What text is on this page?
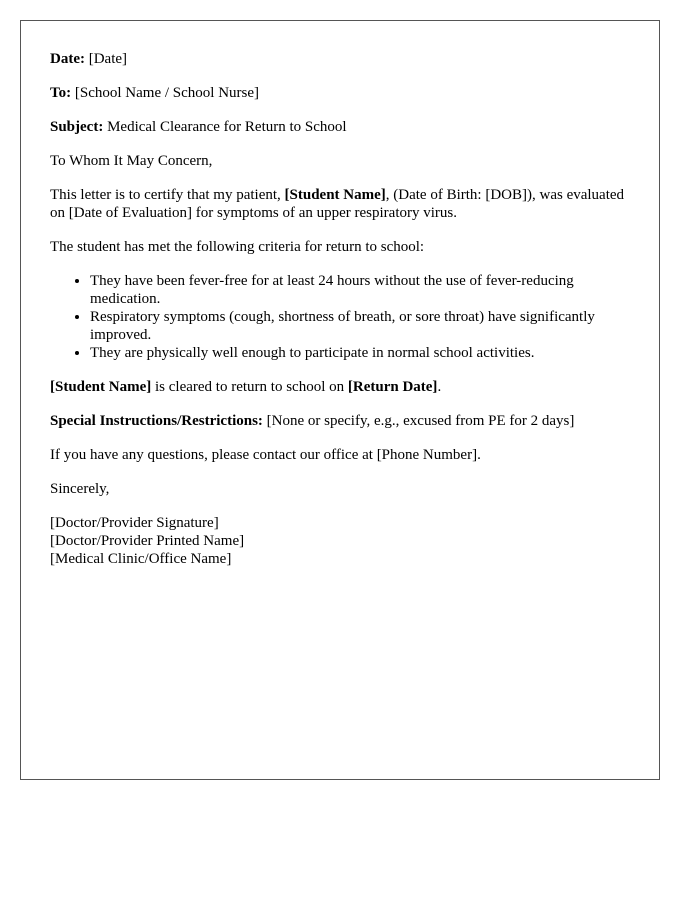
Date: [Date]

To: [School Name / School Nurse]

Subject: Medical Clearance for Return to School

To Whom It May Concern,

This letter is to certify that my patient, [Student Name], (Date of Birth: [DOB]), was evaluated on [Date of Evaluation] for symptoms of an upper respiratory virus.

The student has met the following criteria for return to school:

• They have been fever-free for at least 24 hours without the use of fever-reducing medication.
• Respiratory symptoms (cough, shortness of breath, or sore throat) have significantly improved.
• They are physically well enough to participate in normal school activities.

[Student Name] is cleared to return to school on [Return Date].

Special Instructions/Restrictions: [None or specify, e.g., excused from PE for 2 days]

If you have any questions, please contact our office at [Phone Number].

Sincerely,

[Doctor/Provider Signature]

[Doctor/Provider Printed Name]

[Medical Clinic/Office Name]
